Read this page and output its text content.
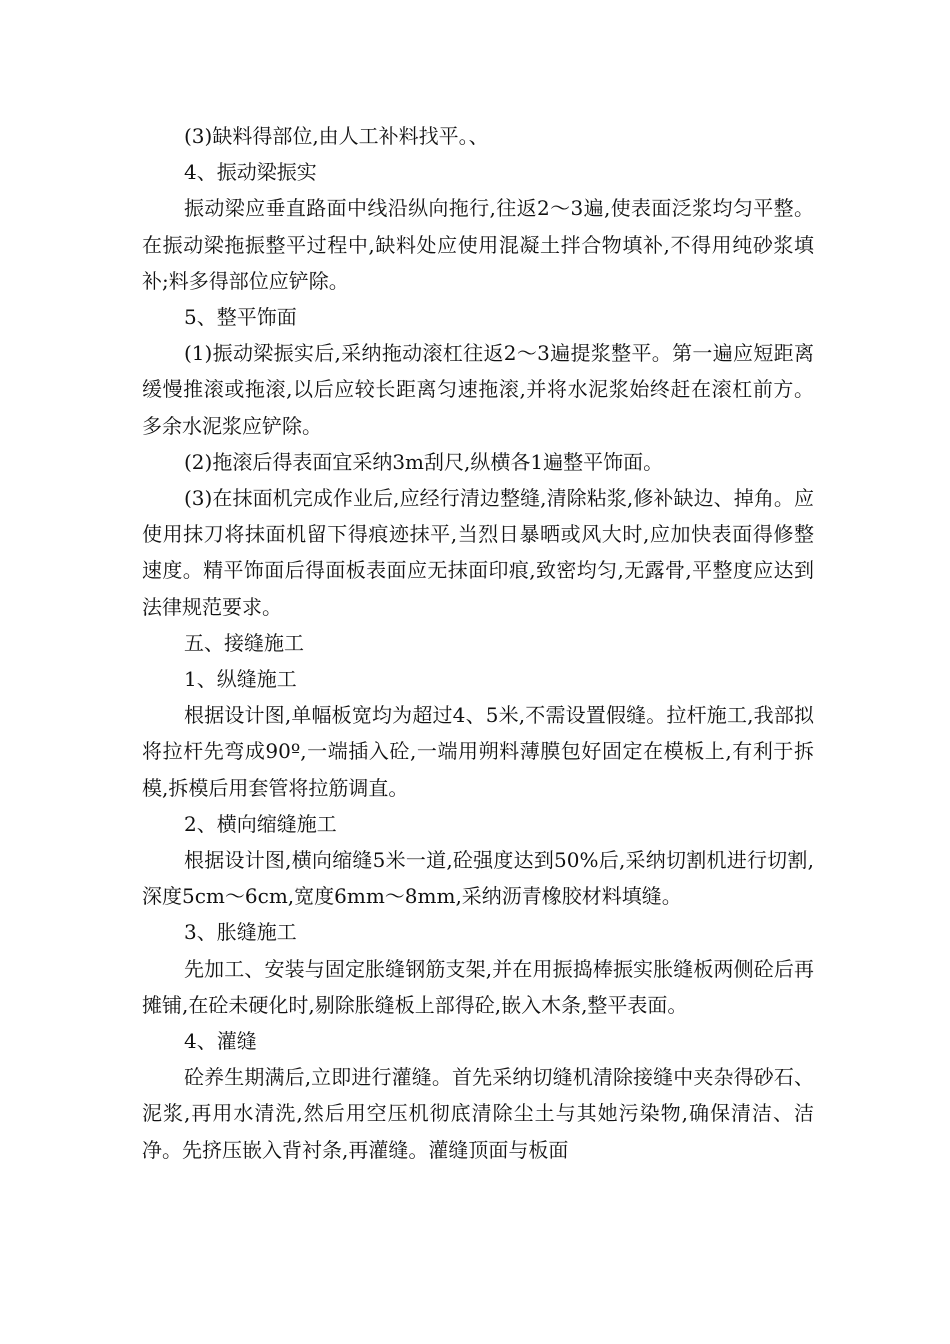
(3)缺料得部位,由人工补料找平。、

4、振动梁振实

振动梁应垂直路面中线沿纵向拖行,往返2～3遍,使表面泛浆均匀平整。在振动梁拖振整平过程中,缺料处应使用混凝土拌合物填补,不得用纯砂浆填补;料多得部位应铲除。

5、整平饰面

(1)振动梁振实后,采纳拖动滚杠往返2～3遍提浆整平。第一遍应短距离缓慢推滚或拖滚,以后应较长距离匀速拖滚,并将水泥浆始终赶在滚杠前方。多余水泥浆应铲除。

(2)拖滚后得表面宜采纳3m刮尺,纵横各1遍整平饰面。

(3)在抹面机完成作业后,应经行清边整缝,清除粘浆,修补缺边、掉角。应使用抹刀将抹面机留下得痕迹抹平,当烈日暴晒或风大时,应加快表面得修整速度。精平饰面后得面板表面应无抹面印痕,致密均匀,无露骨,平整度应达到法律规范要求。

五、接缝施工

1、纵缝施工

根据设计图,单幅板宽均为超过4、5米,不需设置假缝。拉杆施工,我部拟将拉杆先弯成90º,一端插入砼,一端用朔料薄膜包好固定在模板上,有利于拆模,拆模后用套管将拉筋调直。

2、横向缩缝施工

根据设计图,横向缩缝5米一道,砼强度达到50%后,采纳切割机进行切割,深度5cm～6cm,宽度6mm～8mm,采纳沥青橡胶材料填缝。

3、胀缝施工

先加工、安装与固定胀缝钢筋支架,并在用振捣棒振实胀缝板两侧砼后再摊铺,在砼未硬化时,剔除胀缝板上部得砼,嵌入木条,整平表面。

4、灌缝

砼养生期满后,立即进行灌缝。首先采纳切缝机清除接缝中夹杂得砂石、泥浆,再用水清洗,然后用空压机彻底清除尘土与其她污染物,确保清洁、洁净。先挤压嵌入背衬条,再灌缝。灌缝顶面与板面
